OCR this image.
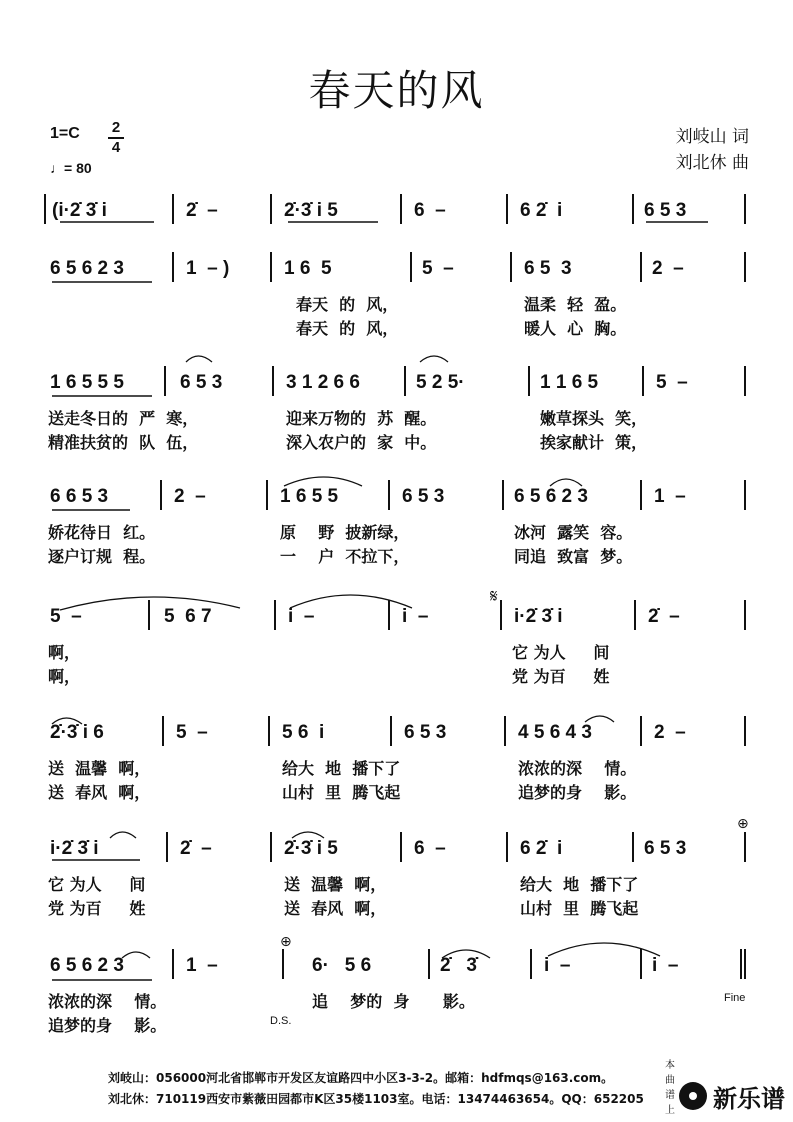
春天的风
1=C 2
4
♩= 80
刘岐山 词
刘北休 曲
(i·2̇ 3̇ i	2̇  –	2̇·3̇ i 5	6  –	6 2̇  i	6 5 3
6 5 6 2 3	1  – )	1 6  5	5  –	6 5  3	2  –
春天  的  风，	温柔  轻  盈。
春天  的  风，	暖人  心  胸。
1 6 5 5 5	6 5 3	3 1 2 6 6	5 2 5·	1 1 6 5	5  –
送走冬日的  严  寒，	迎来万物的  苏  醒。	嫩草探头  笑，
精准扶贫的  队  伍，	深入农户的  家  中。	挨家献计  策，
6 6 5 3	2  –	1 6 5 5	6 5 3	6 5 6 2 3	1  –
娇花待日  红。	原    野  披新绿，	冰河  露笑  容。
逐户订规  程。	一    户  不拉下，	同追  致富  梦。
5  –	5  6 7	i  –	i  –	i·2̇ 3̇ i	2̇  –
啊，	它 为人     间
啊，	党 为百     姓
2̇·3̇ i 6	5  –	5 6  i	6 5 3	4 5 6 4 3	2  –
送  温馨  啊，	给大  地  播下了	浓浓的深    情。
送  春风  啊，	山村  里  腾飞起	追梦的身    影。
i·2̇ 3̇ i	2̇  –	2̇·3̇ i 5	6  –	6 2̇  i	6 5 3
它 为人     间	送  温馨  啊，	给大  地  播下了
党 为百     姓	送  春风  啊，	山村  里  腾飞起
6 5 6 2 3	1  –	6·   5 6	2̇   3̇	i  –	i  –
浓浓的深    情。	追    梦的  身      影。
追梦的身    影。	D.S.
Fine
𝄋
⊕
⊕
刘岐山：056000河北省邯郸市开发区友谊路四中小区3-3-2。邮箱：hdfmqs@163.com。
刘北休：710119西安市紫薇田园都市K区35楼1103室。电话：13474463654。QQ：652205
本曲谱上 新乐谱
